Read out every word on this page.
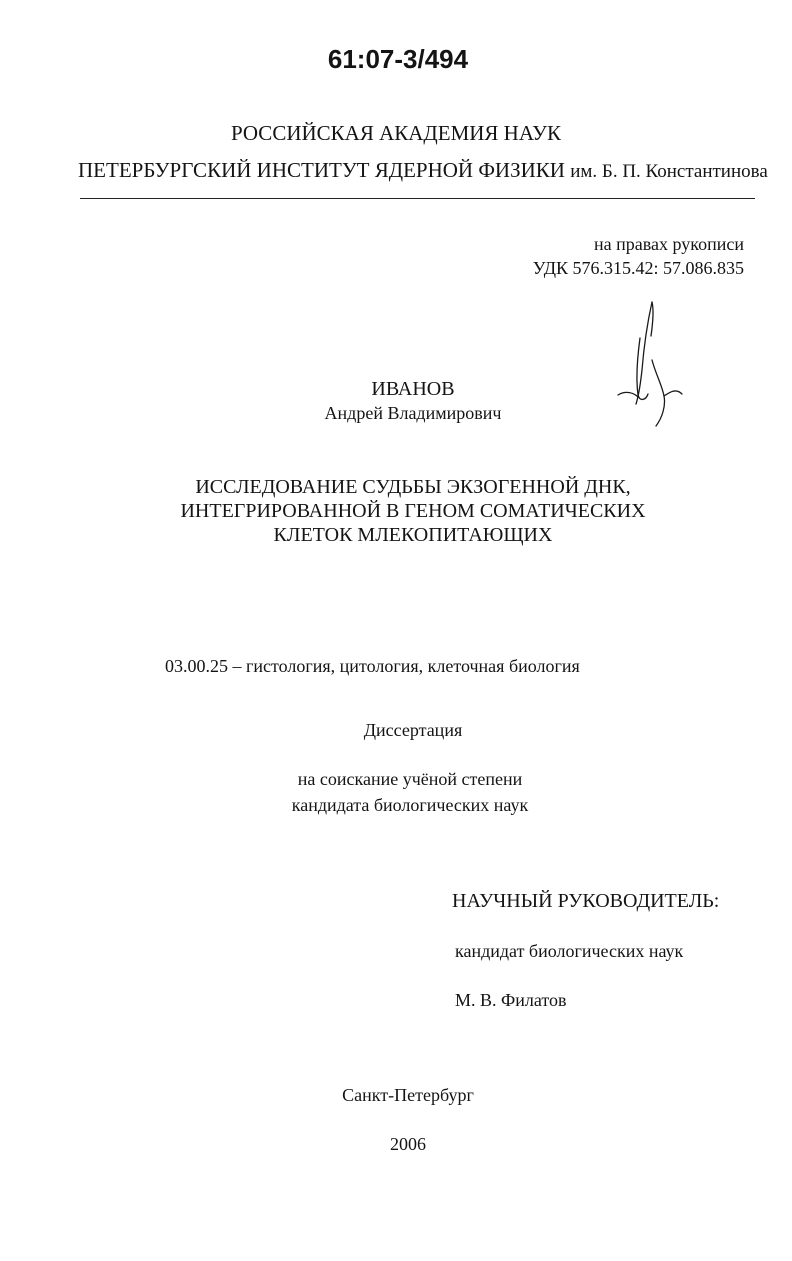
61:07-3/494
РОССИЙСКАЯ АКАДЕМИЯ НАУК
ПЕТЕРБУРГСКИЙ ИНСТИТУТ ЯДЕРНОЙ ФИЗИКИ им. Б. П. Константинова
на правах рукописи
УДК 576.315.42: 57.086.835
ИВАНОВ
Андрей Владимирович
ИССЛЕДОВАНИЕ СУДЬБЫ ЭКЗОГЕННОЙ ДНК,
ИНТЕГРИРОВАННОЙ В ГЕНОМ СОМАТИЧЕСКИХ
КЛЕТОК МЛЕКОПИТАЮЩИХ
03.00.25 – гистология, цитология, клеточная биология
Диссертация
на соискание учёной степени
кандидата биологических наук
НАУЧНЫЙ РУКОВОДИТЕЛЬ:
кандидат биологических наук
М. В. Филатов
Санкт-Петербург
2006
